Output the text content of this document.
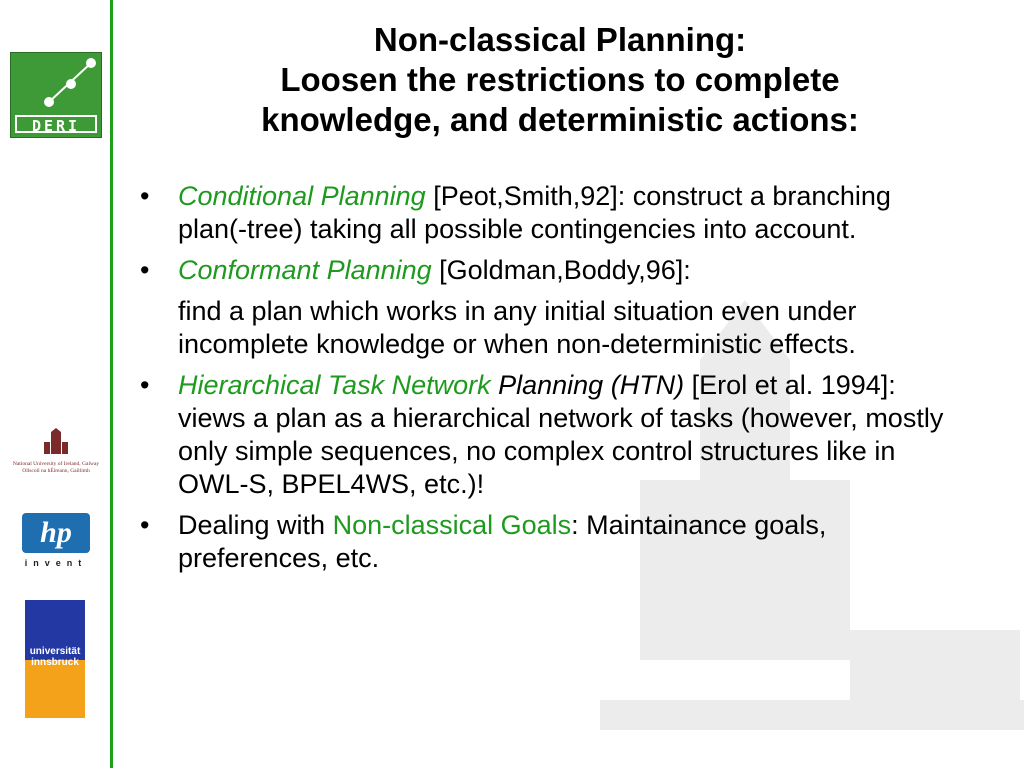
DERI
National University of Ireland, Galway
Ollscoil na hÉireann, Gaillimh
hp
invent
universität
innsbruck
Non-classical Planning:
Loosen the restrictions to complete
knowledge, and deterministic actions:
• Conditional Planning [Peot,Smith,92]: construct a branching plan(-tree) taking all possible contingencies into account.
• Conformant Planning [Goldman,Boddy,96]:
find a plan which works in any initial situation even under incomplete knowledge or when non-deterministic effects.
• Hierarchical Task Network Planning (HTN) [Erol et al. 1994]: views a plan as a hierarchical network of tasks (however, mostly only simple sequences, no complex control structures like in OWL-S, BPEL4WS, etc.)!
• Dealing with Non-classical Goals: Maintainance goals, preferences, etc.
